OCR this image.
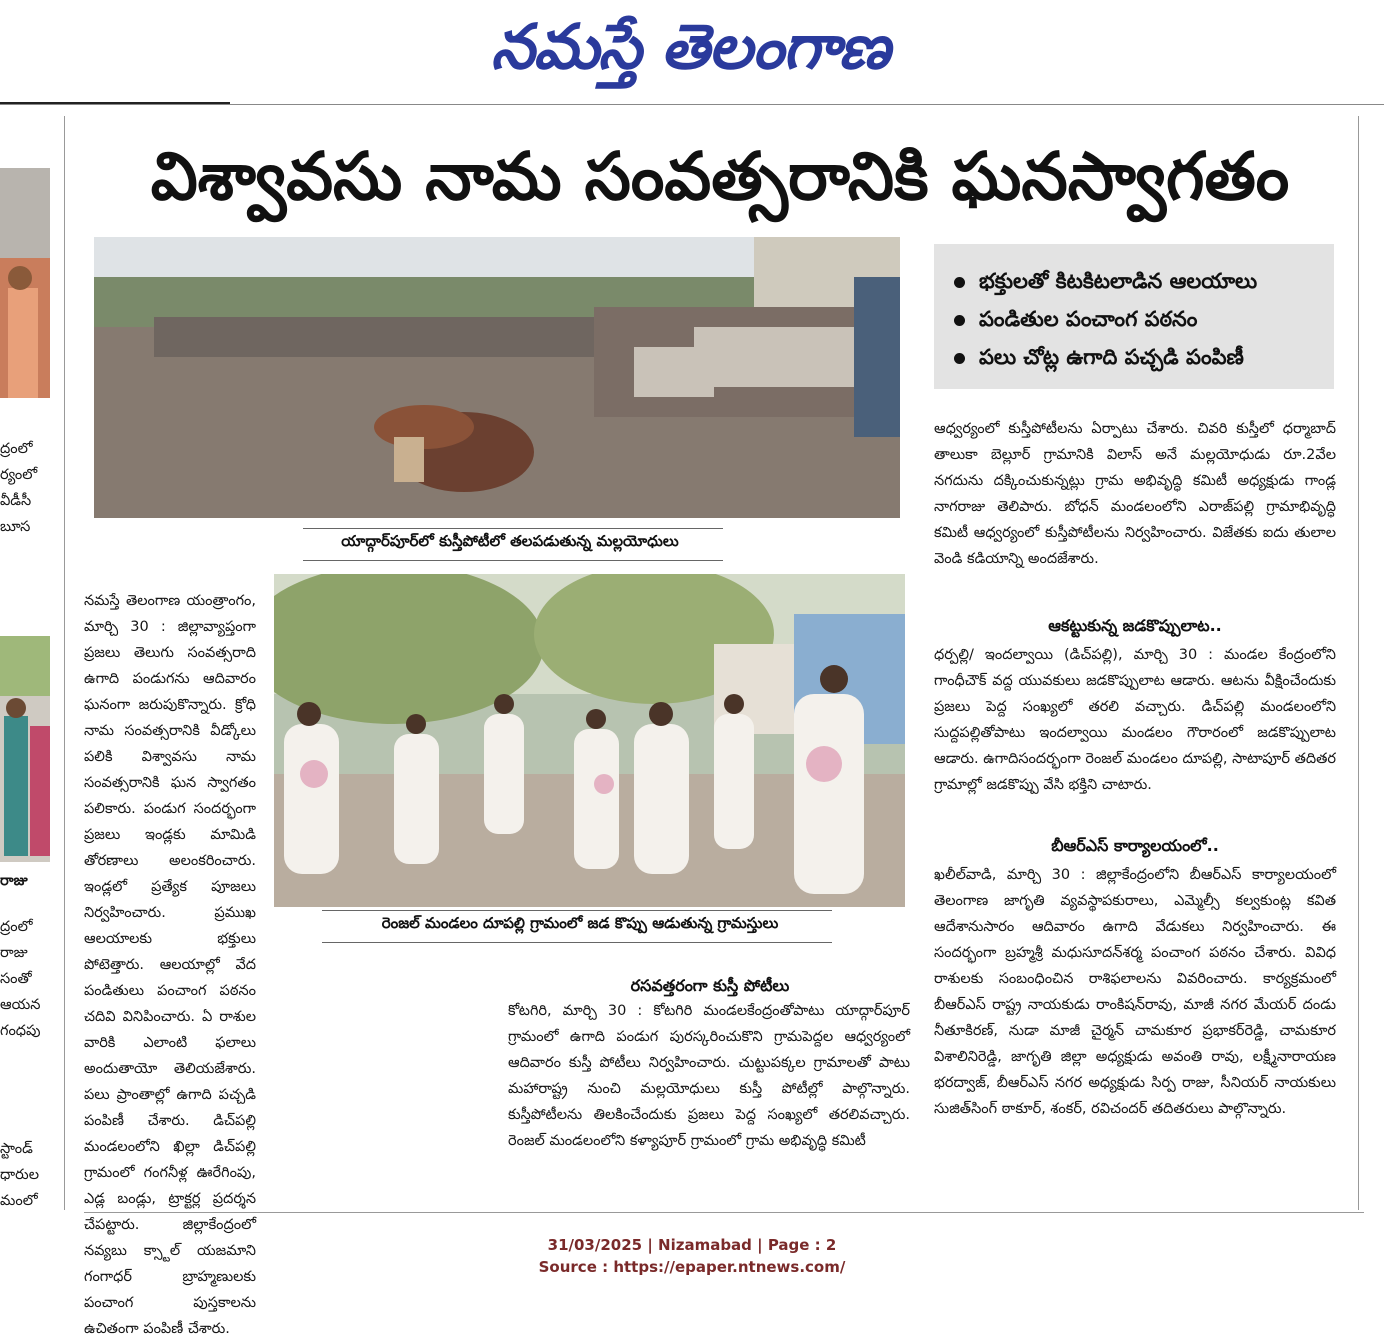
నమస్తే తెలంగాణ
విశ్వావసు నామ సంవత్సరానికి ఘనస్వాగతం
ద్రంలో
ర్యంలో
వీడీసీ
బూస
రాజు
ద్రంలో
రాజు
సంతో
ఆయన
గంధపు
స్టాండ్
ధారుల
మంలో
యాద్గార్‌పూర్‌లో కుస్తీపోటీలో తలపడుతున్న మల్లయోధులు
భక్తులతో కిటకిటలాడిన ఆలయాలు
పండితుల పంచాంగ పఠనం
పలు చోట్ల ఉగాది పచ్చడి పంపిణీ
ఆధ్వర్యంలో కుస్తీపోటీలను ఏర్పాటు చేశారు. చివరి కుస్తీలో ధర్మాబాద్ తాలుకా బెల్లూర్ గ్రామానికి విలాస్ అనే మల్లయోధుడు రూ.2వేల నగదును దక్కించుకున్నట్లు గ్రామ అభివృద్ధి కమిటీ అధ్యక్షుడు గాండ్ల నాగరాజు తెలిపారు. బోధన్ మండలంలోని ఎరాజ్‌పల్లి గ్రామాభివృద్ధి కమిటీ ఆధ్వర్యంలో కుస్తీపోటీలను నిర్వహించారు. విజేతకు ఐదు తులాల వెండి కడియాన్ని అందజేశారు.
ఆకట్టుకున్న జడకొప్పులాట..
ధర్పల్లి/ ఇందల్వాయి (డిచ్‌పల్లి), మార్చి 30 : మండల కేంద్రంలోని గాంధీచౌక్ వద్ద యువకులు జడకొప్పులాట ఆడారు. ఆటను వీక్షించేందుకు ప్రజలు పెద్ద సంఖ్యలో తరలి వచ్చారు. డిచ్‌పల్లి మండలంలోని సుద్దపల్లితోపాటు ఇందల్వాయి మండలం గౌరారంలో జడకొప్పులాట ఆడారు. ఉగాదిసందర్భంగా రెంజల్ మండలం దూపల్లి, సాటాపూర్ తదితర గ్రామాల్లో జడకొప్పు వేసి భక్తిని చాటారు.
బీఆర్‌ఎస్ కార్యాలయంలో..
ఖలీల్‌వాడి, మార్చి 30 : జిల్లాకేంద్రంలోని బీఆర్‌ఎస్ కార్యాలయంలో తెలంగాణ జాగృతి వ్యవస్థాపకురాలు, ఎమ్మెల్సీ కల్వకుంట్ల కవిత ఆదేశానుసారం ఆదివారం ఉగాది వేడుకలు నిర్వహించారు. ఈ సందర్భంగా బ్రహ్మశ్రీ మధుసూదన్‌శర్మ పంచాంగ పఠనం చేశారు. వివిధ రాశులకు సంబంధించిన రాశిఫలాలను వివరించారు. కార్యక్రమంలో బీఆర్‌ఎస్ రాష్ట్ర నాయకుడు రాంకిషన్‌రావు, మాజీ నగర మేయర్ దండు నీతూకిరణ్, నుడా మాజీ చైర్మన్ చామకూర ప్రభాకర్‌రెడ్డి, చామకూర విశాలినిరెడ్డి, జాగృతి జిల్లా అధ్యక్షుడు అవంతి రావు, లక్ష్మీనారాయణ భరద్వాజ్, బీఆర్‌ఎస్ నగర అధ్యక్షుడు సిర్ప రాజు, సీనియర్ నాయకులు సుజిత్‌సింగ్ ఠాకూర్, శంకర్, రవిచందర్ తదితరులు పాల్గొన్నారు.
రెంజల్ మండలం దూపల్లి గ్రామంలో జడ కొప్పు ఆడుతున్న గ్రామస్తులు
నమస్తే తెలంగాణ యంత్రాంగం, మార్చి 30 : జిల్లావ్యాప్తంగా ప్రజలు తెలుగు సంవత్సరాది ఉగాది పండుగను ఆదివారం ఘనంగా జరుపుకొన్నారు. క్రోధి నామ సంవత్సరానికి వీడ్కోలు పలికి విశ్వావసు నామ సంవత్సరానికి ఘన స్వాగతం పలికారు. పండుగ సందర్భంగా ప్రజలు ఇండ్లకు మామిడి తోరణాలు అలంకరించారు. ఇండ్లలో ప్రత్యేక పూజలు నిర్వహించారు. ప్రముఖ ఆలయాలకు భక్తులు పోటెత్తారు. ఆలయాల్లో వేద పండితులు పంచాంగ పఠనం చదివి వినిపించారు. ఏ రాశుల వారికి ఎలాంటి ఫలాలు అందుతాయో తెలియజేశారు. పలు ప్రాంతాల్లో ఉగాది పచ్చడి పంపిణీ చేశారు. డిచ్‌పల్లి మండలంలోని ఖిల్లా డిచ్‌పల్లి గ్రామంలో గంగనీళ్ల ఊరేగింపు, ఎడ్ల బండ్లు, ట్రాక్టర్ల ప్రదర్శన చేపట్టారు. జిల్లాకేంద్రంలో నవ్యబు క్స్టాల్ యజమాని గంగాధర్ బ్రాహ్మణులకు పంచాంగ పుస్తకాలను ఉచితంగా పంపిణీ చేశారు.
రసవత్తరంగా కుస్తీ పోటీలు
కోటగిరి, మార్చి 30 : కోటగిరి మండలకేంద్రంతోపాటు యాద్గార్‌పూర్ గ్రామంలో ఉగాది పండుగ పురస్కరించుకొని గ్రామపెద్దల ఆధ్వర్యంలో ఆదివారం కుస్తీ పోటీలు నిర్వహించారు. చుట్టుపక్కల గ్రామాలతో పాటు మహారాష్ట్ర నుంచి మల్లయోధులు కుస్తీ పోటీల్లో పాల్గొన్నారు. కుస్తీపోటీలను తిలకించేందుకు ప్రజలు పెద్ద సంఖ్యలో తరలివచ్చారు. రెంజల్ మండలంలోని కళ్యాపూర్ గ్రామంలో గ్రామ అభివృద్ధి కమిటీ
31/03/2025 | Nizamabad | Page : 2
Source : https://epaper.ntnews.com/
